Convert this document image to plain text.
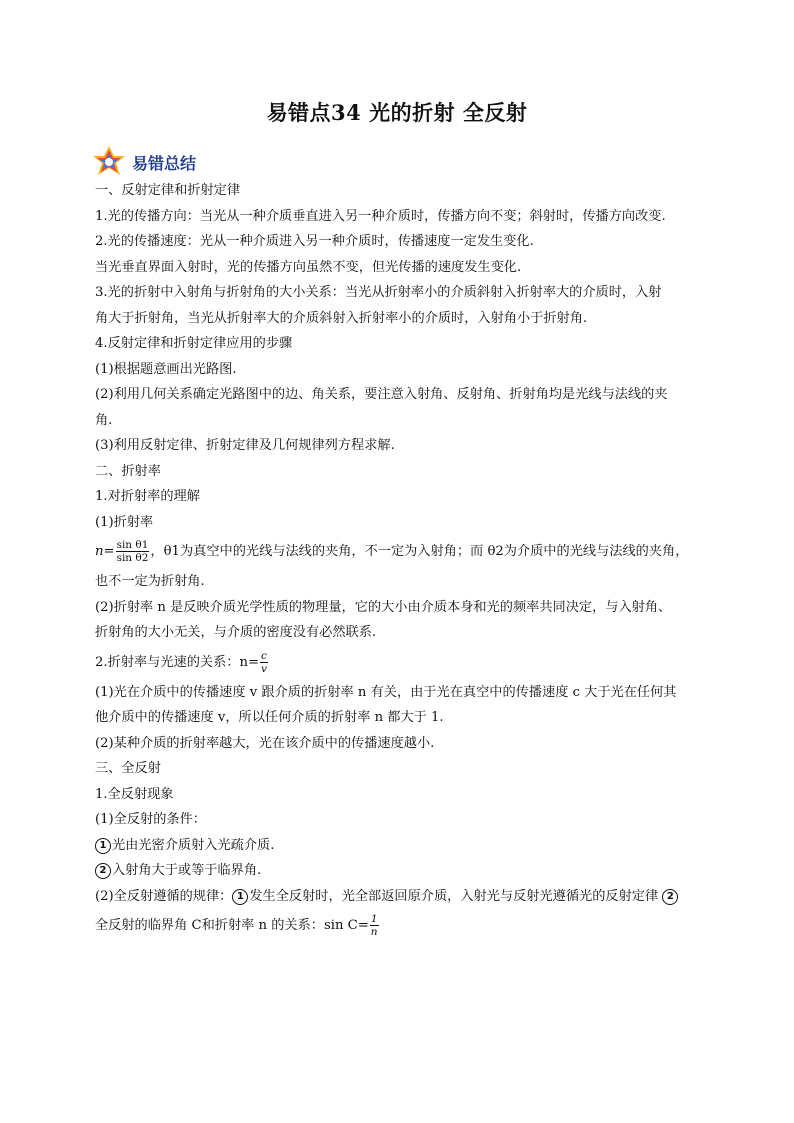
易错点34 光的折射 全反射
易错总结
一、反射定律和折射定律
1.光的传播方向：当光从一种介质垂直进入另一种介质时，传播方向不变；斜射时，传播方向改变.
2.光的传播速度：光从一种介质进入另一种介质时，传播速度一定发生变化.
当光垂直界面入射时，光的传播方向虽然不变，但光传播的速度发生变化.
3.光的折射中入射角与折射角的大小关系：当光从折射率小的介质斜射入折射率大的介质时，入射
角大于折射角，当光从折射率大的介质斜射入折射率小的介质时，入射角小于折射角.
4.反射定律和折射定律应用的步骤
(1)根据题意画出光路图.
(2)利用几何关系确定光路图中的边、角关系，要注意入射角、反射角、折射角均是光线与法线的夹
角.
(3)利用反射定律、折射定律及几何规律列方程求解.
二、折射率
1.对折射率的理解
(1)折射率
$n= \frac{\text{sin θ1}}{\text{sin θ2}}$ ，θ1为真空中的光线与法线的夹角，不一定为入射角；而 θ2为介质中的光线与法线的夹角，
也不一定为折射角.
(2)折射率 n 是反映介质光学性质的物理量，它的大小由介质本身和光的频率共同决定，与入射角、
折射角的大小无关，与介质的密度没有必然联系.
2.折射率与光速的关系：$n= \frac{c}{v}$
(1)光在介质中的传播速度 v 跟介质的折射率 n 有关，由于光在真空中的传播速度 c 大于光在任何其
他介质中的传播速度 v，所以任何介质的折射率 n 都大于 1.
(2)某种介质的折射率越大，光在该介质中的传播速度越小.
三、全反射
1.全反射现象
(1)全反射的条件：
1 光由光密介质射入光疏介质.
2 入射角大于或等于临界角.
(2)全反射遵循的规律： 1 发生全反射时，光全部返回原介质，入射光与反射光遵循光的反射定律 2
全反射的临界角 C和折射率 n 的关系：$\sin C= \frac{1}{n}$
